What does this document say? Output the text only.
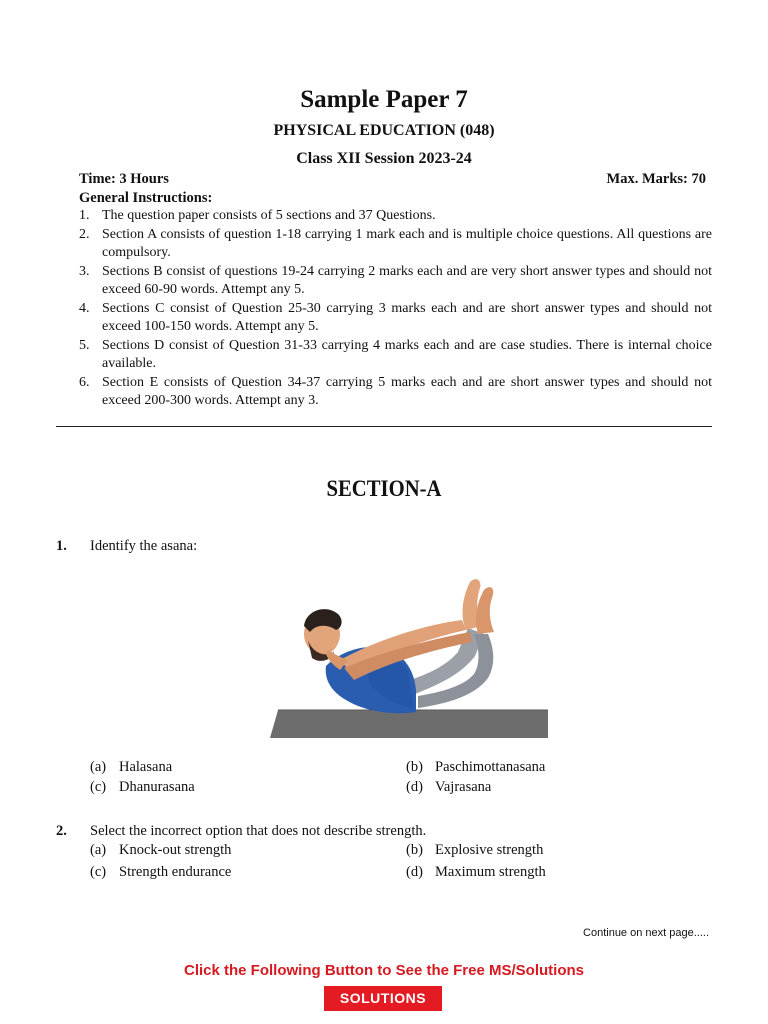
Sample Paper 7
PHYSICAL EDUCATION (048)
Class XII Session 2023-24
Time: 3 Hours	Max. Marks: 70
General Instructions:
1. The question paper consists of 5 sections and 37 Questions.
2. Section A consists of question 1-18 carrying 1 mark each and is multiple choice questions. All questions are compulsory.
3. Sections B consist of questions 19-24 carrying 2 marks each and are very short answer types and should not exceed 60-90 words. Attempt any 5.
4. Sections C consist of Question 25-30 carrying 3 marks each and are short answer types and should not exceed 100-150 words. Attempt any 5.
5. Sections D consist of Question 31-33 carrying 4 marks each and are case studies. There is internal choice available.
6. Section E consists of Question 34-37 carrying 5 marks each and are short answer types and should not exceed 200-300 words. Attempt any 3.
SECTION-A
1. Identify the asana:
(a) Halasana	(b) Paschimottanasana
(c) Dhanurasana	(d) Vajrasana
2. Select the incorrect option that does not describe strength.
(a) Knock-out strength	(b) Explosive strength
(c) Strength endurance	(d) Maximum strength
Continue on next page.....
Click the Following Button to See the Free MS/Solutions
SOLUTIONS
